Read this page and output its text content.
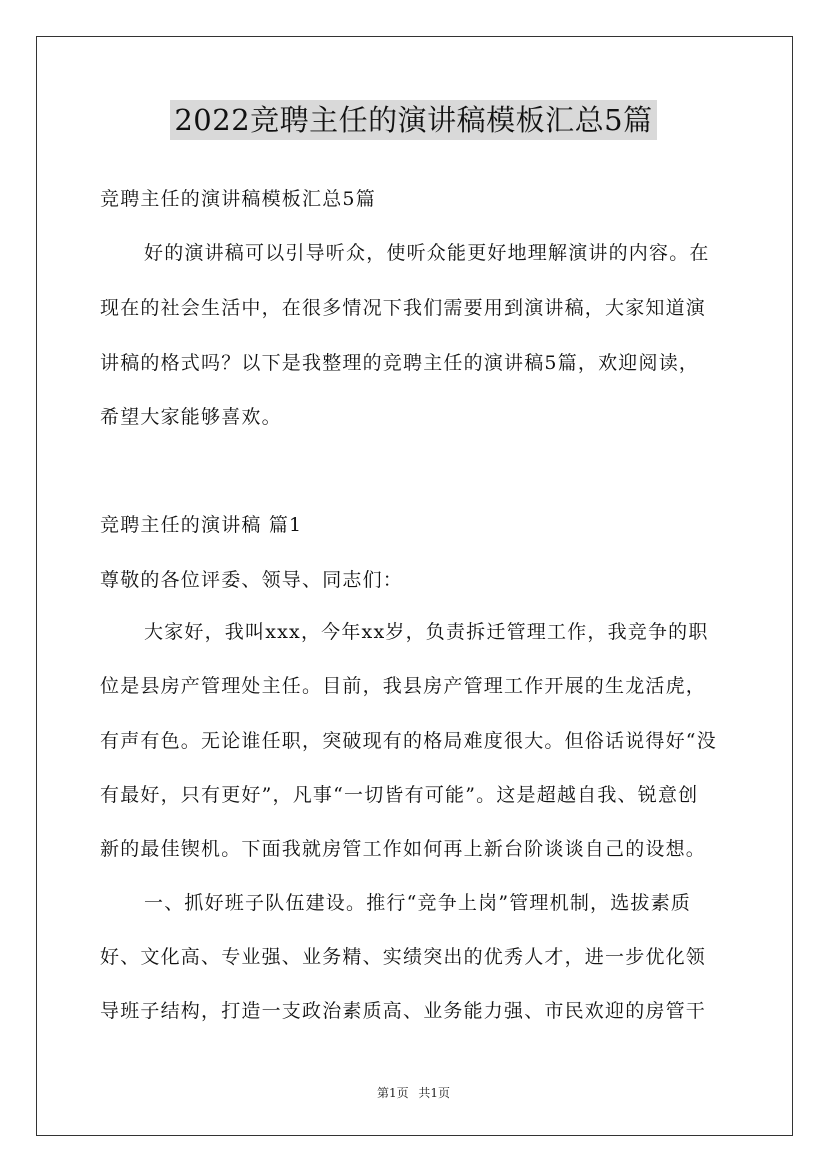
2022竞聘主任的演讲稿模板汇总5篇
竞聘主任的演讲稿模板汇总5篇
好的演讲稿可以引导听众，使听众能更好地理解演讲的内容。在
现在的社会生活中，在很多情况下我们需要用到演讲稿，大家知道演
讲稿的格式吗？以下是我整理的竞聘主任的演讲稿5篇，欢迎阅读，
希望大家能够喜欢。
竞聘主任的演讲稿 篇1
尊敬的各位评委、领导、同志们：
大家好，我叫xxx，今年xx岁，负责拆迁管理工作，我竞争的职
位是县房产管理处主任。目前，我县房产管理工作开展的生龙活虎，
有声有色。无论谁任职，突破现有的格局难度很大。但俗话说得好“没
有最好，只有更好”，凡事“一切皆有可能”。这是超越自我、锐意创
新的最佳锲机。下面我就房管工作如何再上新台阶谈谈自己的设想。
一、抓好班子队伍建设。推行“竞争上岗”管理机制，选拔素质
好、文化高、专业强、业务精、实绩突出的优秀人才，进一步优化领
导班子结构，打造一支政治素质高、业务能力强、市民欢迎的房管干
第1页 共1页
